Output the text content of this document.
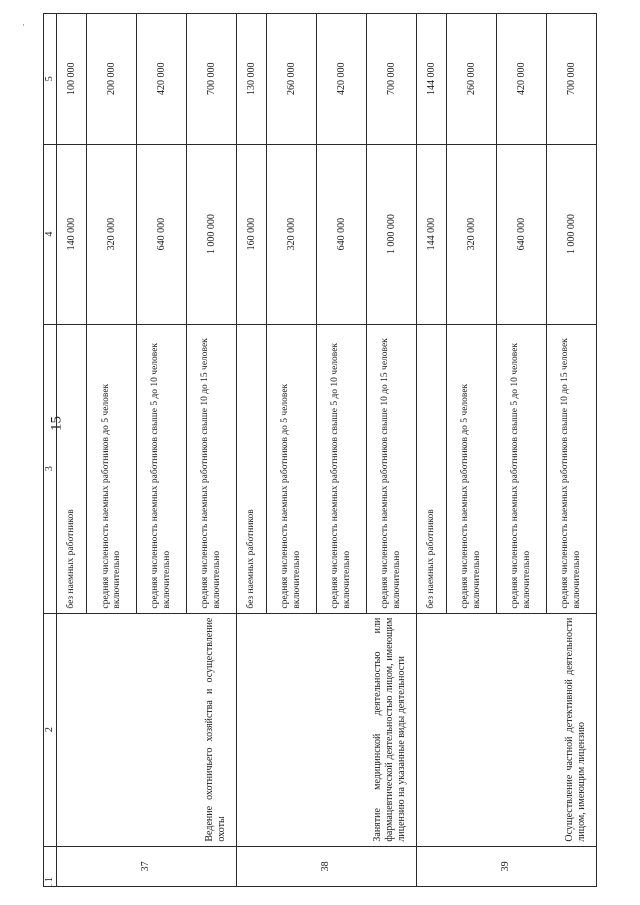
15
1	2	3	4	5
37	Ведение охотничьего хозяйства и осуществление охоты	без наемных работников	140 000	100 000
		средняя численность наемных работников до 5 человек включительно	320 000	200 000
		средняя численность наемных работников свыше 5 до 10 человек включительно	640 000	420 000
		средняя численность наемных работников свыше 10 до 15 человек включительно	1 000 000	700 000
38	Занятие медицинской деятельностью или фармацевтической деятельностью лицом, имеющим лицензию на указанные виды деятельности	без наемных работников	160 000	130 000
		средняя численность наемных работников до 5 человек включительно	320 000	260 000
		средняя численность наемных работников свыше 5 до 10 человек включительно	640 000	420 000
		средняя численность наемных работников свыше 10 до 15 человек включительно	1 000 000	700 000
39	Осуществление частной детективной деятельности лицом, имеющим лицензию	без наемных работников	144 000	144 000
		средняя численность наемных работников до 5 человек включительно	320 000	260 000
		средняя численность наемных работников свыше 5 до 10 человек включительно	640 000	420 000
		средняя численность наемных работников свыше 10 до 15 человек включительно	1 000 000	700 000
·
· ·
